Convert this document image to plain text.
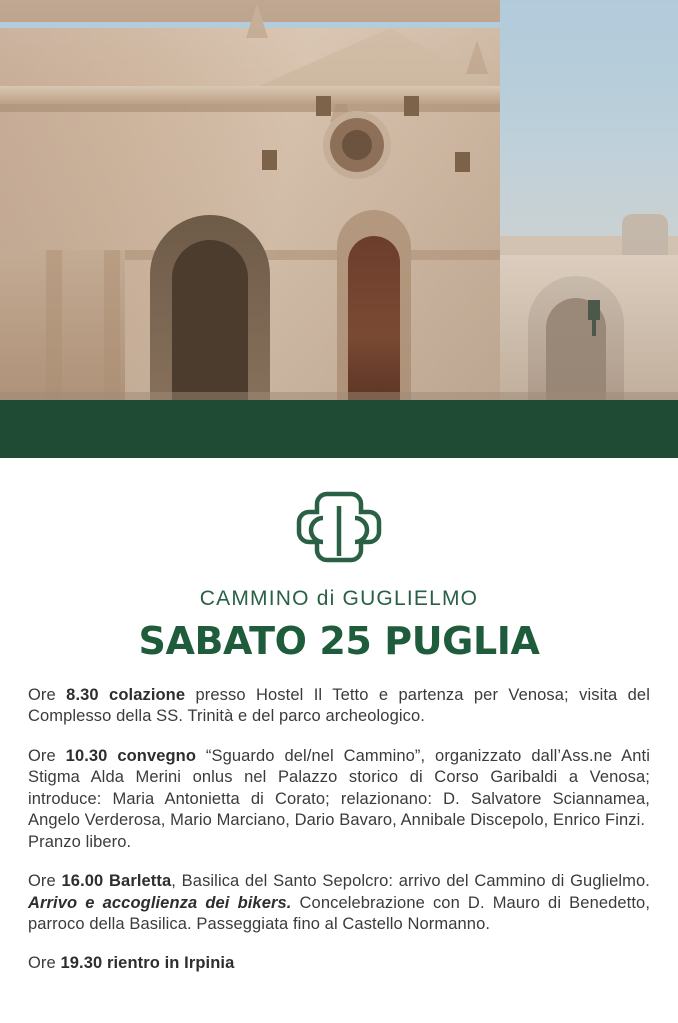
CAMMINO di GUGLIELMO
SABATO 25 PUGLIA

Ore 8.30 colazione presso Hostel Il Tetto e partenza per Venosa; visita del Complesso della SS. Trinità e del parco archeologico.

Ore 10.30 convegno “Sguardo del/nel Cammino”, organizzato dall’Ass.ne Anti Stigma Alda Merini onlus nel Palazzo storico di Corso Garibaldi a Venosa; introduce: Maria Antonietta di Corato; relazionano: D. Salvatore Sciannamea, Angelo Verderosa, Mario Marciano, Dario Bavaro, Annibale Discepolo, Enrico Finzi.
Pranzo libero.

Ore 16.00 Barletta, Basilica del Santo Sepolcro: arrivo del Cammino di Guglielmo. Arrivo e accoglienza dei bikers. Concelebrazione con D. Mauro di Benedetto, parroco della Basilica. Passeggiata fino al Castello Normanno.

Ore 19.30 rientro in Irpinia
